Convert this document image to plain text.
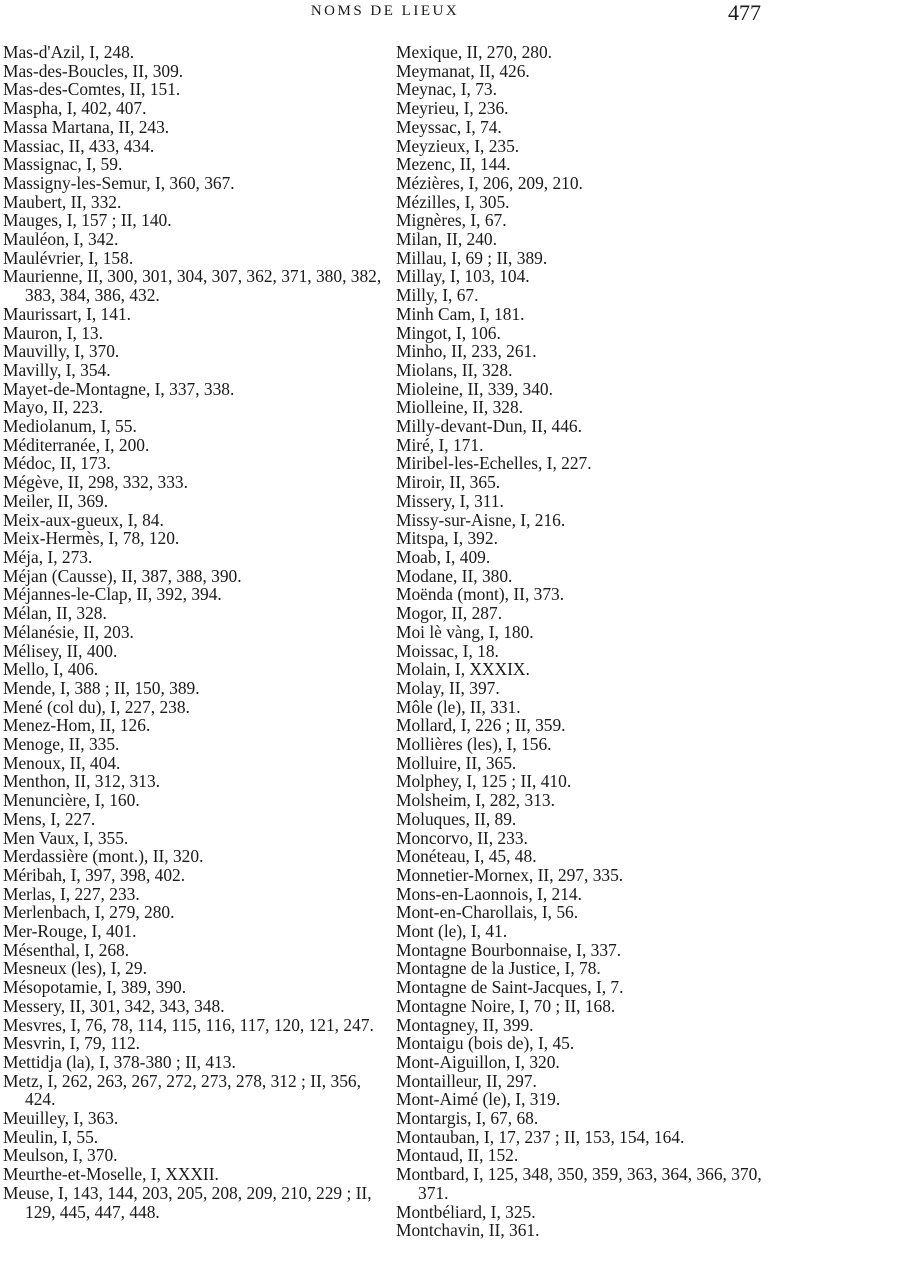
NOMS DE LIEUX	477
Mas-d'Azil, I, 248.
Mas-des-Boucles, II, 309.
Mas-des-Comtes, II, 151.
Maspha, I, 402, 407.
Massa Martana, II, 243.
Massiac, II, 433, 434.
Massignac, I, 59.
Massigny-les-Semur, I, 360, 367.
Maubert, II, 332.
Mauges, I, 157 ; II, 140.
Mauléon, I, 342.
Maulévrier, I, 158.
Maurienne, II, 300, 301, 304, 307, 362, 371, 380, 382, 383, 384, 386, 432.
Maurissart, I, 141.
Mauron, I, 13.
Mauvilly, I, 370.
Mavilly, I, 354.
Mayet-de-Montagne, I, 337, 338.
Mayo, II, 223.
Mediolanum, I, 55.
Méditerranée, I, 200.
Médoc, II, 173.
Mégève, II, 298, 332, 333.
Meiler, II, 369.
Meix-aux-gueux, I, 84.
Meix-Hermès, I, 78, 120.
Méja, I, 273.
Méjan (Causse), II, 387, 388, 390.
Méjannes-le-Clap, II, 392, 394.
Mélan, II, 328.
Mélanésie, II, 203.
Mélisey, II, 400.
Mello, I, 406.
Mende, I, 388 ; II, 150, 389.
Mené (col du), I, 227, 238.
Menez-Hom, II, 126.
Menoge, II, 335.
Menoux, II, 404.
Menthon, II, 312, 313.
Menuncière, I, 160.
Mens, I, 227.
Men Vaux, I, 355.
Merdassière (mont.), II, 320.
Méribah, I, 397, 398, 402.
Merlas, I, 227, 233.
Merlenbach, I, 279, 280.
Mer-Rouge, I, 401.
Mésenthal, I, 268.
Mesneux (les), I, 29.
Mésopotamie, I, 389, 390.
Messery, II, 301, 342, 343, 348.
Mesvres, I, 76, 78, 114, 115, 116, 117, 120, 121, 247.
Mesvrin, I, 79, 112.
Mettidja (la), I, 378-380 ; II, 413.
Metz, I, 262, 263, 267, 272, 273, 278, 312 ; II, 356, 424.
Meuilley, I, 363.
Meulin, I, 55.
Meulson, I, 370.
Meurthe-et-Moselle, I, XXXII.
Meuse, I, 143, 144, 203, 205, 208, 209, 210, 229 ; II, 129, 445, 447, 448.
Mexique, II, 270, 280.
Meymanat, II, 426.
Meynac, I, 73.
Meyrieu, I, 236.
Meyssac, I, 74.
Meyzieux, I, 235.
Mezenc, II, 144.
Mézières, I, 206, 209, 210.
Mézilles, I, 305.
Mignères, I, 67.
Milan, II, 240.
Millau, I, 69 ; II, 389.
Millay, I, 103, 104.
Milly, I, 67.
Minh Cam, I, 181.
Mingot, I, 106.
Minho, II, 233, 261.
Miolans, II, 328.
Mioleine, II, 339, 340.
Miolleine, II, 328.
Milly-devant-Dun, II, 446.
Miré, I, 171.
Miribel-les-Echelles, I, 227.
Miroir, II, 365.
Missery, I, 311.
Missy-sur-Aisne, I, 216.
Mitspa, I, 392.
Moab, I, 409.
Modane, II, 380.
Moënda (mont), II, 373.
Mogor, II, 287.
Moi lè vàng, I, 180.
Moissac, I, 18.
Molain, I, XXXIX.
Molay, II, 397.
Môle (le), II, 331.
Mollard, I, 226 ; II, 359.
Mollières (les), I, 156.
Molluire, II, 365.
Molphey, I, 125 ; II, 410.
Molsheim, I, 282, 313.
Moluques, II, 89.
Moncorvo, II, 233.
Monéteau, I, 45, 48.
Monnetier-Mornex, II, 297, 335.
Mons-en-Laonnois, I, 214.
Mont-en-Charollais, I, 56.
Mont (le), I, 41.
Montagne Bourbonnaise, I, 337.
Montagne de la Justice, I, 78.
Montagne de Saint-Jacques, I, 7.
Montagne Noire, I, 70 ; II, 168.
Montagney, II, 399.
Montaigu (bois de), I, 45.
Mont-Aiguillon, I, 320.
Montailleur, II, 297.
Mont-Aimé (le), I, 319.
Montargis, I, 67, 68.
Montauban, I, 17, 237 ; II, 153, 154, 164.
Montaud, II, 152.
Montbard, I, 125, 348, 350, 359, 363, 364, 366, 370, 371.
Montbéliard, I, 325.
Montchavin, II, 361.
